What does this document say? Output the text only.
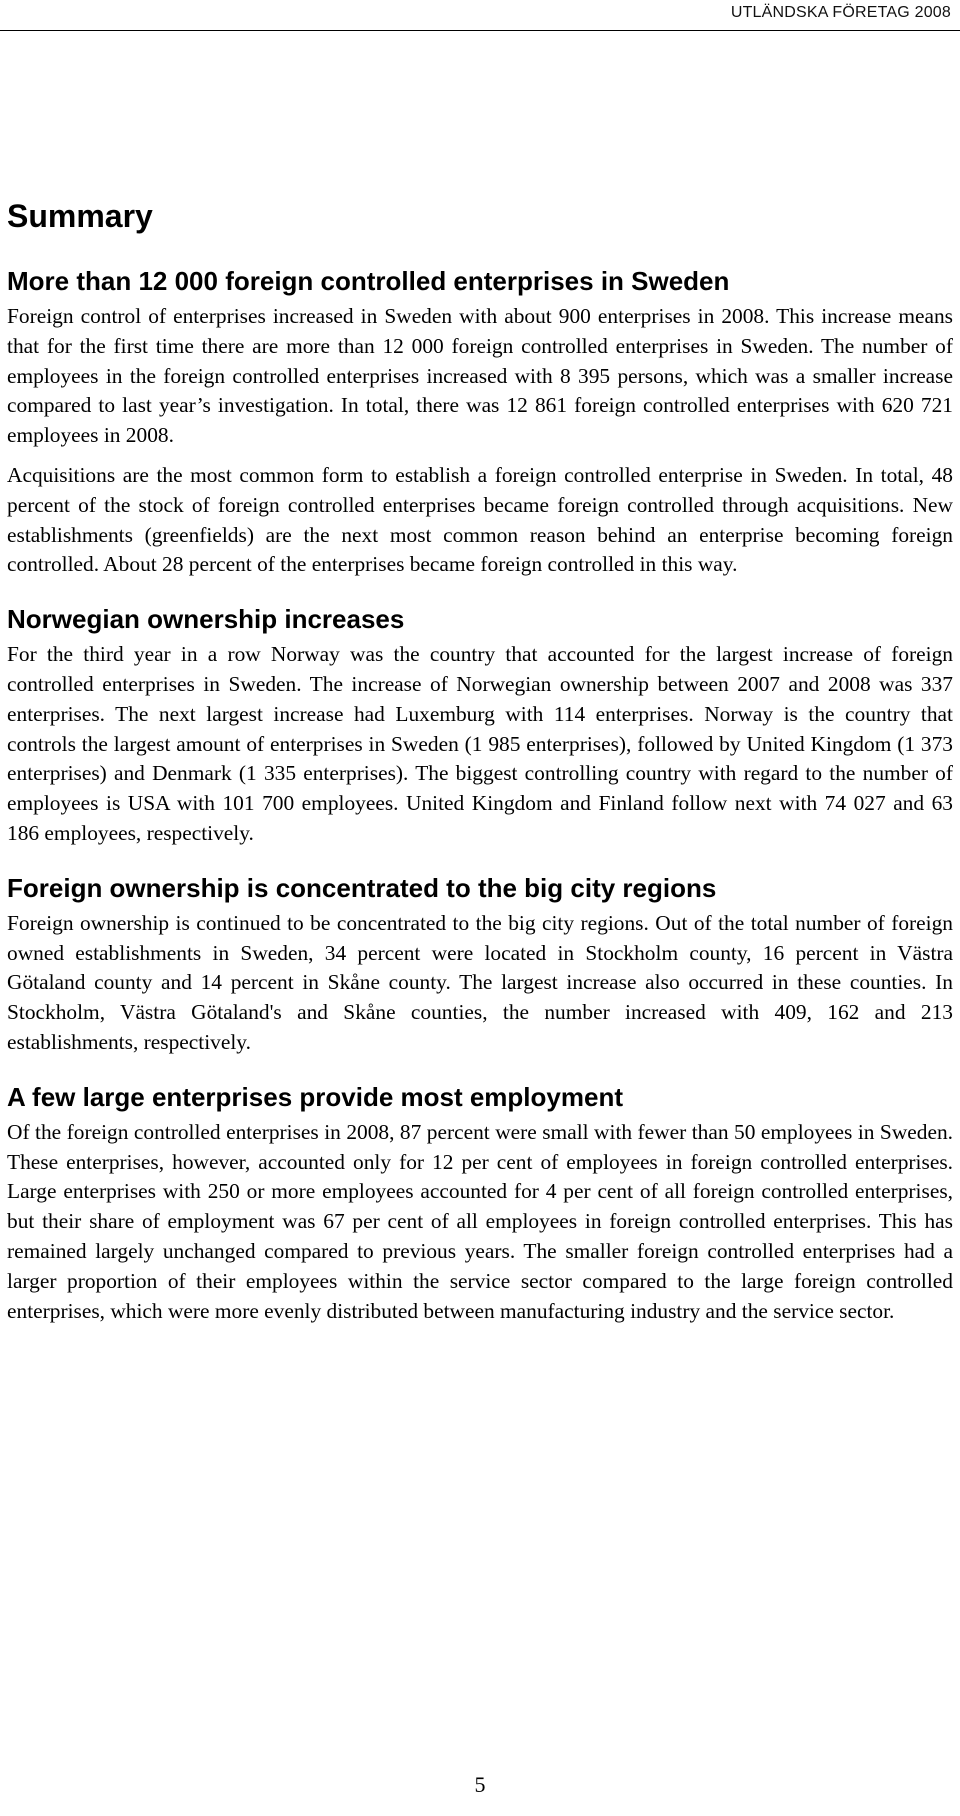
UTLÄNDSKA FÖRETAG 2008
Summary
More than 12 000 foreign controlled enterprises in Sweden

Foreign control of enterprises increased in Sweden with about 900 enterprises in 2008. This increase means that for the first time there are more than 12 000 foreign controlled enterprises in Sweden. The number of employees in the foreign controlled enterprises increased with 8 395 persons, which was a smaller increase compared to last year’s investigation. In total, there was 12 861 foreign controlled enterprises with 620 721 employees in 2008.

Acquisitions are the most common form to establish a foreign controlled enterprise in Sweden. In total, 48 percent of the stock of foreign controlled enterprises became foreign controlled through acquisitions. New establishments (greenfields) are the next most common reason behind an enterprise becoming foreign controlled. About 28 percent of the enterprises became foreign controlled in this way.

Norwegian ownership increases

For the third year in a row Norway was the country that accounted for the largest increase of foreign controlled enterprises in Sweden. The increase of Norwegian ownership between 2007 and 2008 was 337 enterprises. The next largest increase had Luxemburg with 114 enterprises. Norway is the country that controls the largest amount of enterprises in Sweden (1 985 enterprises), followed by United Kingdom (1 373 enterprises) and Denmark (1 335 enterprises). The biggest controlling country with regard to the number of employees is USA with 101 700 employees. United Kingdom and Finland follow next with 74 027 and 63 186 employees, respectively.

Foreign ownership is concentrated to the big city regions

Foreign ownership is continued to be concentrated to the big city regions. Out of the total number of foreign owned establishments in Sweden, 34 percent were located in Stockholm county, 16 percent in Västra Götaland county and 14 percent in Skåne county. The largest increase also occurred in these counties. In Stockholm, Västra Götaland's and Skåne counties, the number increased with 409, 162 and 213 establishments, respectively.

A few large enterprises provide most employment

Of the foreign controlled enterprises in 2008, 87 percent were small with fewer than 50 employees in Sweden. These enterprises, however, accounted only for 12 per cent of employees in foreign controlled enterprises. Large enterprises with 250 or more employees accounted for 4 per cent of all foreign controlled enterprises, but their share of employment was 67 per cent of all employees in foreign controlled enterprises. This has remained largely unchanged compared to previous years. The smaller foreign controlled enterprises had a larger proportion of their employees within the service sector compared to the large foreign controlled enterprises, which were more evenly distributed between manufacturing industry and the service sector.

5
